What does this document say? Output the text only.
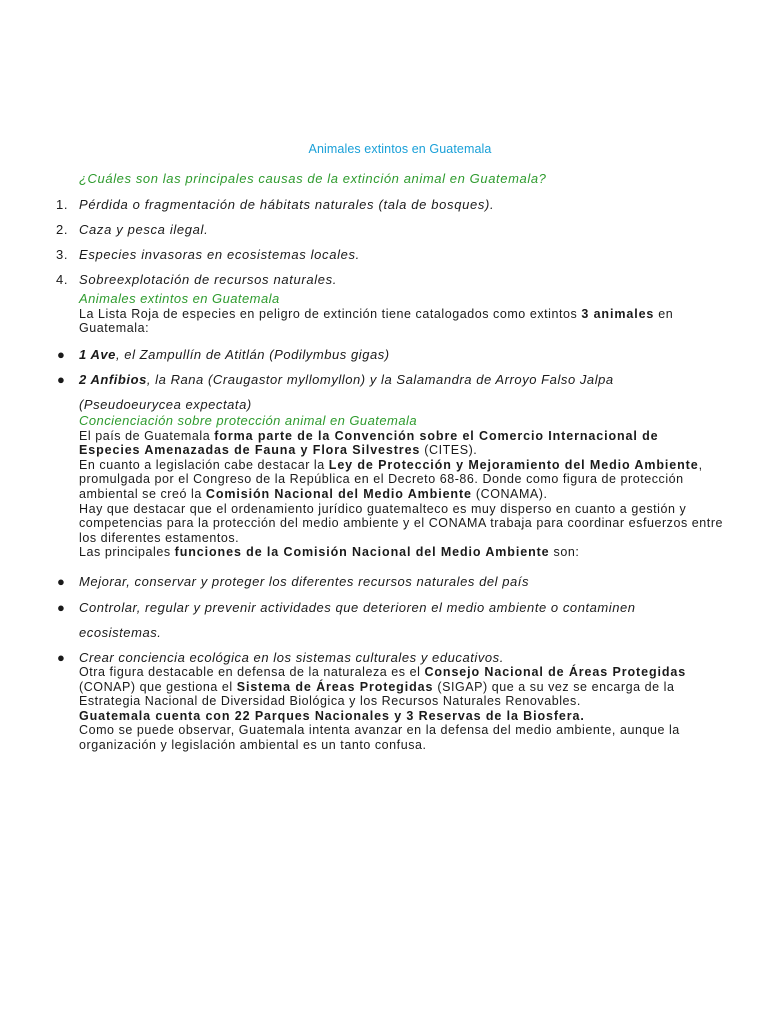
Animales extintos en Guatemala
¿Cuáles son las principales causas de la extinción animal en Guatemala?
1. Pérdida o fragmentación de hábitats naturales (tala de bosques).
2. Caza y pesca ilegal.
3. Especies invasoras en ecosistemas locales.
4. Sobreexplotación de recursos naturales.
Animales extintos en Guatemala
La Lista Roja de especies en peligro de extinción tiene catalogados como extintos 3 animales en Guatemala:
● 1 Ave, el Zampullín de Atitlán (Podilymbus gigas)
● 2 Anfibios, la Rana (Craugastor myllomyllon) y la Salamandra de Arroyo Falso Jalpa
(Pseudoeurycea expectata)
Concienciación sobre protección animal en Guatemala
El país de Guatemala forma parte de la Convención sobre el Comercio Internacional de Especies Amenazadas de Fauna y Flora Silvestres (CITES).
En cuanto a legislación cabe destacar la Ley de Protección y Mejoramiento del Medio Ambiente, promulgada por el Congreso de la República en el Decreto 68-86. Donde como figura de protección ambiental se creó la Comisión Nacional del Medio Ambiente (CONAMA).
Hay que destacar que el ordenamiento jurídico guatemalteco es muy disperso en cuanto a gestión y competencias para la protección del medio ambiente y el CONAMA trabaja para coordinar esfuerzos entre los diferentes estamentos.
Las principales funciones de la Comisión Nacional del Medio Ambiente son:
● Mejorar, conservar y proteger los diferentes recursos naturales del país
● Controlar, regular y prevenir actividades que deterioren el medio ambiente o contaminen
ecosistemas.
● Crear conciencia ecológica en los sistemas culturales y educativos.
Otra figura destacable en defensa de la naturaleza es el Consejo Nacional de Áreas Protegidas (CONAP) que gestiona el Sistema de Áreas Protegidas (SIGAP) que a su vez se encarga de la Estrategia Nacional de Diversidad Biológica y los Recursos Naturales Renovables.
Guatemala cuenta con 22 Parques Nacionales y 3 Reservas de la Biosfera.
Como se puede observar, Guatemala intenta avanzar en la defensa del medio ambiente, aunque la organización y legislación ambiental es un tanto confusa.
